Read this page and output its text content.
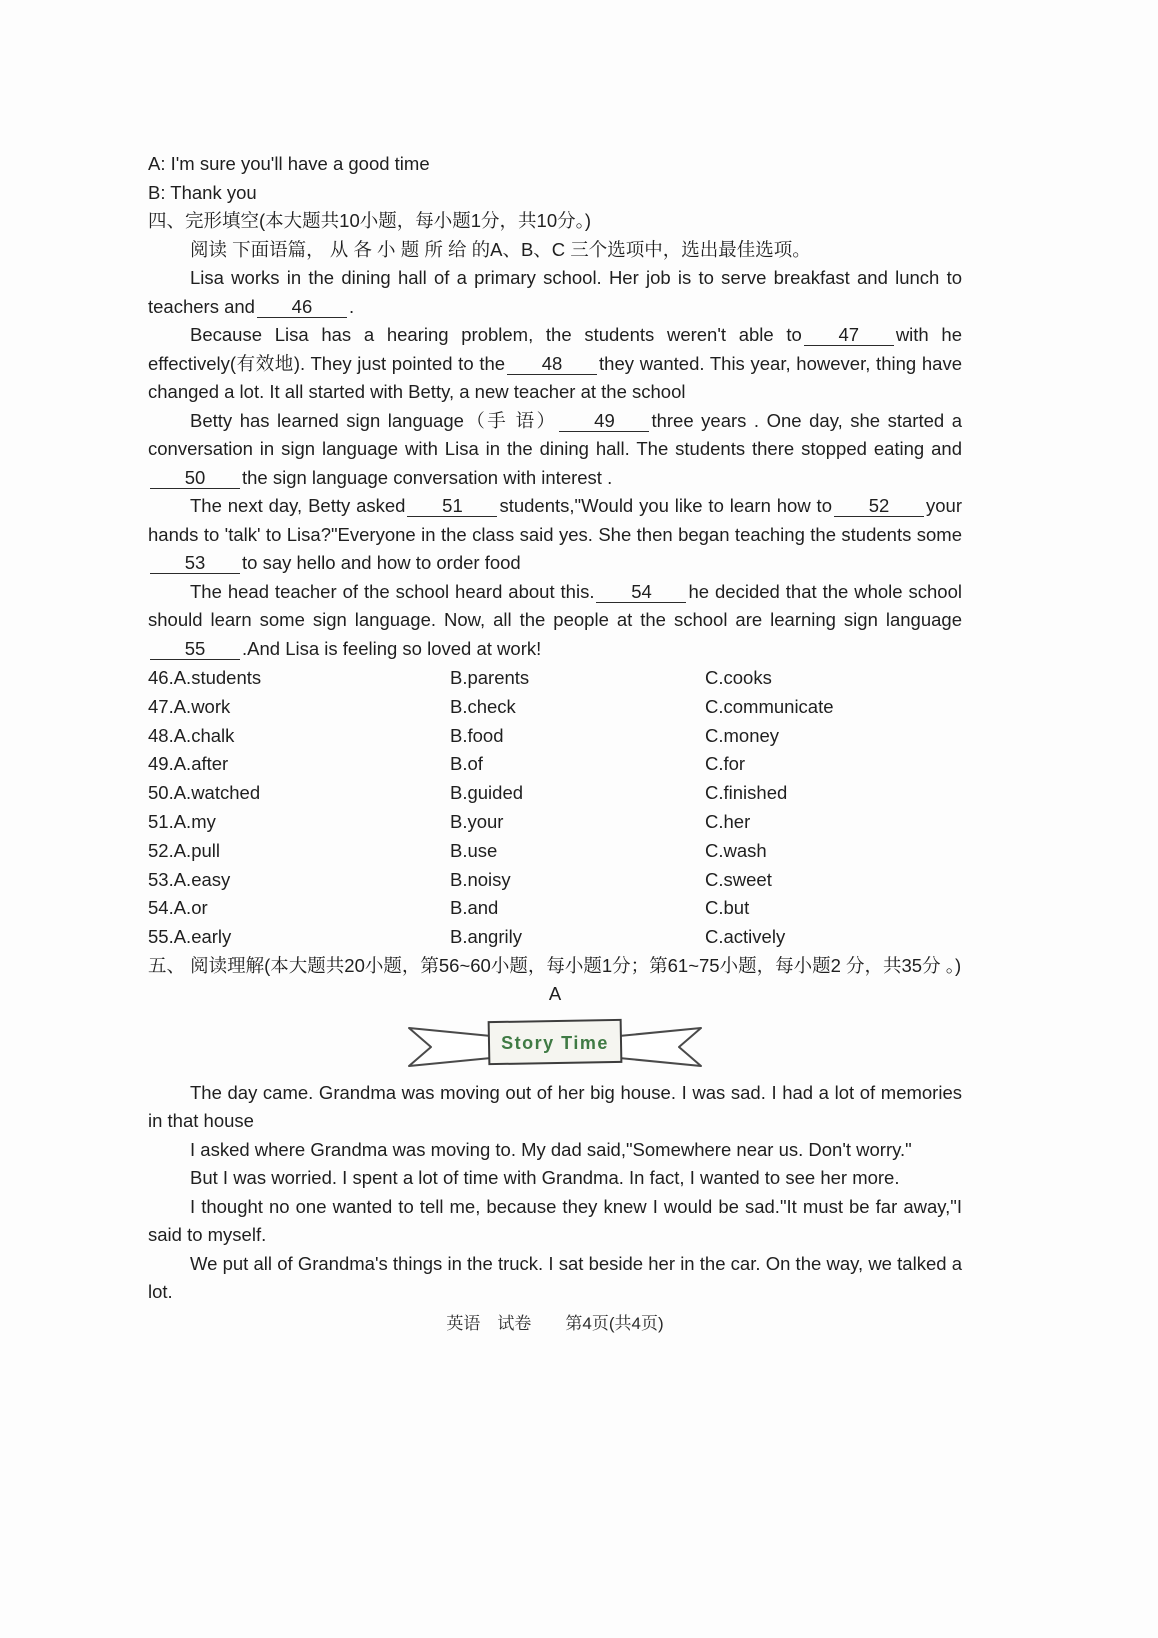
A: I'm sure you'll have a good time

B: Thank you

四、完形填空(本大题共10小题，每小题1分，共10分。)

阅读 下面语篇， 从 各 小 题 所 给 的A、B、C 三个选项中，选出最佳选项。

Lisa works in the dining hall of a primary school. Her job is to serve breakfast and lunch to teachers and 46 .

Because Lisa has a hearing problem, the students weren't able to 47 with he effectively(有效地). They just pointed to the 48 they wanted. This year, however, thing have changed a lot. It all started with Betty, a new teacher at the school

Betty has learned sign language（手 语） 49 three years . One day, she started a conversation in sign language with Lisa in the dining hall. The students there stopped eating and50 the sign language conversation with interest .

The next day, Betty asked 51 students,"Would you like to learn how to 52 your hands to 'talk' to Lisa?"Everyone in the class said yes. She then began teaching the students some53 to say hello and how to order food

The head teacher of the school heard about this. 54 he decided that the whole school should learn some sign language. Now, all the people at the school are learning sign language 55 .And Lisa is feeling so loved at work!

46.A.students	B.parents	C.cooks
47.A.work	B.check	C.communicate
48.A.chalk	B.food	C.money
49.A.after	B.of	C.for
50.A.watched	B.guided	C.finished
51.A.my	B.your	C.her
52.A.pull	B.use	C.wash
53.A.easy	B.noisy	C.sweet
54.A.or	B.and	C.but
55.A.early	B.angrily	C.actively

五、 阅读理解(本大题共20小题，第56~60小题，每小题1分；第61~75小题，每小题2 分，共35分 。)

A

Story Time

The day came. Grandma was moving out of her big house. I was sad. I had a lot of memories in that house

I asked where Grandma was moving to. My dad said,"Somewhere near us. Don't worry."

But I was worried. I spent a lot of time with Grandma. In fact, I wanted to see her more.

I thought no one wanted to tell me, because they knew I would be sad."It must be far away,"I said to myself.

We put all of Grandma's things in the truck. I sat beside her in the car. On the way, we talked a lot.

英语　试卷　　第4页(共4页)
